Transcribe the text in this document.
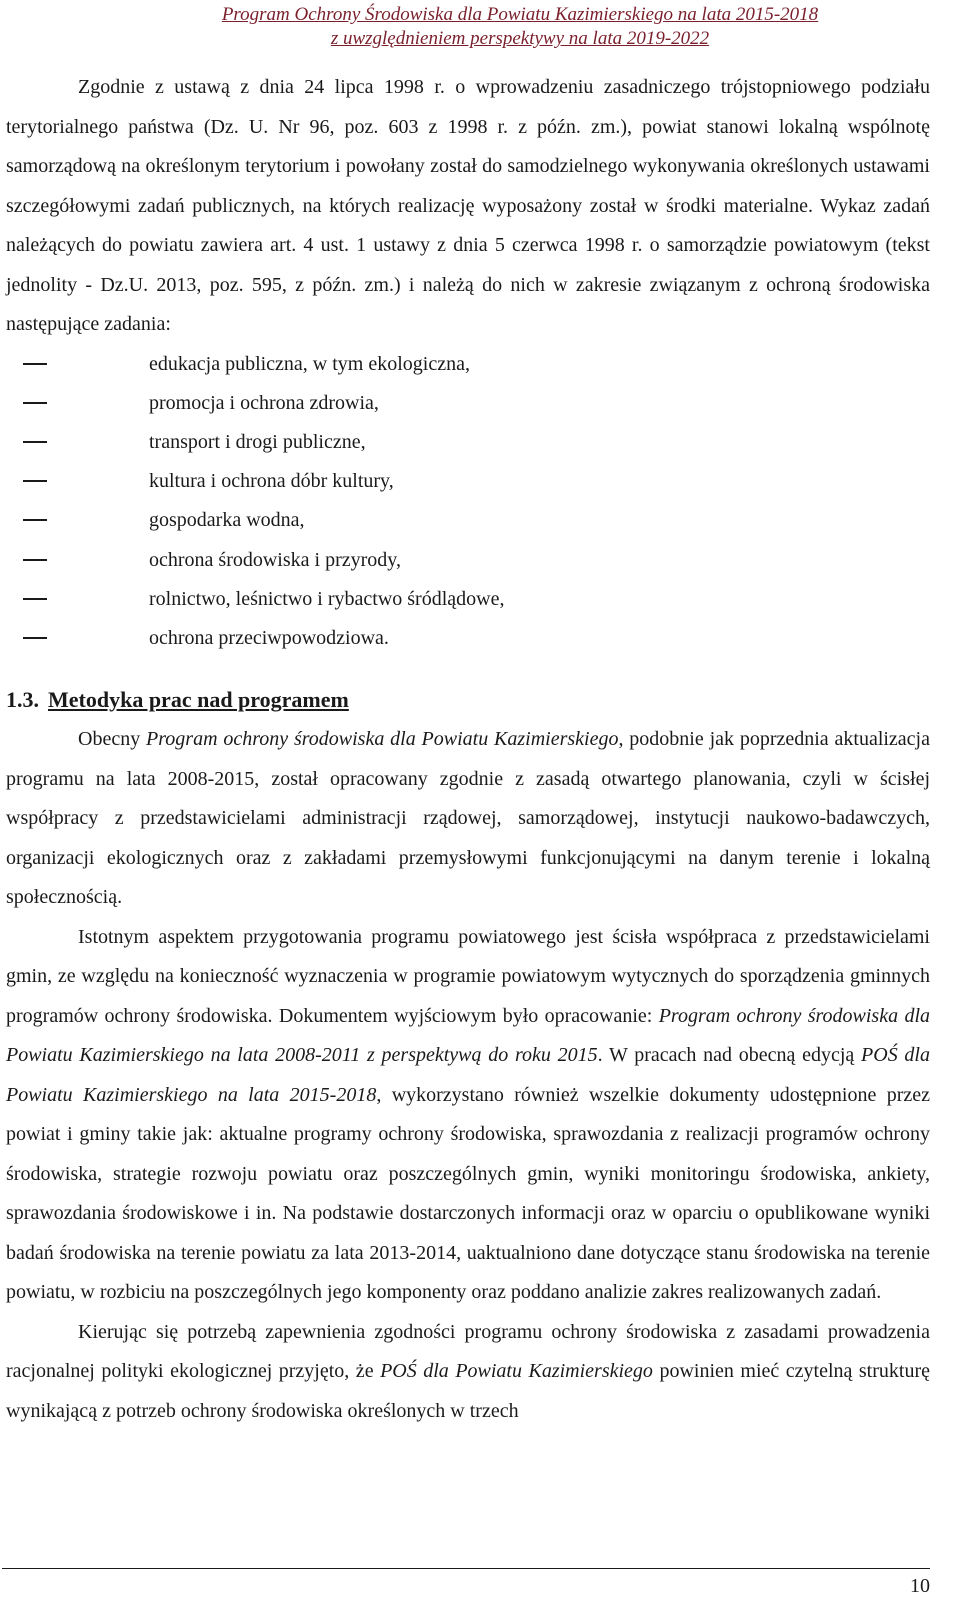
Program Ochrony Środowiska dla Powiatu Kazimierskiego na lata 2015-2018
z uwzględnieniem perspektywy na lata 2019-2022

Zgodnie z ustawą z dnia 24 lipca 1998 r. o wprowadzeniu zasadniczego trójstopniowego podziału terytorialnego państwa (Dz. U. Nr 96, poz. 603 z 1998 r. z późn. zm.), powiat stanowi lokalną wspólnotę samorządową na określonym terytorium i powołany został do samodzielnego wykonywania określonych ustawami szczegółowymi zadań publicznych, na których realizację wyposażony został w środki materialne. Wykaz zadań należących do powiatu zawiera art. 4 ust. 1 ustawy z dnia 5 czerwca 1998 r. o samorządzie powiatowym (tekst jednolity - Dz.U. 2013, poz. 595, z późn. zm.) i należą do nich w zakresie związanym z ochroną środowiska następujące zadania:

edukacja publiczna, w tym ekologiczna,
promocja i ochrona zdrowia,
transport i drogi publiczne,
kultura i ochrona dóbr kultury,
gospodarka wodna,
ochrona środowiska i przyrody,
rolnictwo, leśnictwo i rybactwo śródlądowe,
ochrona przeciwpowodziowa.
1.3. Metodyka prac nad programem

Obecny Program ochrony środowiska dla Powiatu Kazimierskiego, podobnie jak poprzednia aktualizacja programu na lata 2008-2015, został opracowany zgodnie z zasadą otwartego planowania, czyli w ścisłej współpracy z przedstawicielami administracji rządowej, samorządowej, instytucji naukowo-badawczych, organizacji ekologicznych oraz z zakładami przemysłowymi funkcjonującymi na danym terenie i lokalną społecznością.

Istotnym aspektem przygotowania programu powiatowego jest ścisła współpraca z przedstawicielami gmin, ze względu na konieczność wyznaczenia w programie powiatowym wytycznych do sporządzenia gminnych programów ochrony środowiska. Dokumentem wyjściowym było opracowanie: Program ochrony środowiska dla Powiatu Kazimierskiego na lata 2008-2011 z perspektywą do roku 2015. W pracach nad obecną edycją POŚ dla Powiatu Kazimierskiego na lata 2015-2018, wykorzystano również wszelkie dokumenty udostępnione przez powiat i gminy takie jak: aktualne programy ochrony środowiska, sprawozdania z realizacji programów ochrony środowiska, strategie rozwoju powiatu oraz poszczególnych gmin, wyniki monitoringu środowiska, ankiety, sprawozdania środowiskowe i in. Na podstawie dostarczonych informacji oraz w oparciu o opublikowane wyniki badań środowiska na terenie powiatu za lata 2013-2014, uaktualniono dane dotyczące stanu środowiska na terenie powiatu, w rozbiciu na poszczególnych jego komponenty oraz poddano analizie zakres realizowanych zadań.

Kierując się potrzebą zapewnienia zgodności programu ochrony środowiska z zasadami prowadzenia racjonalnej polityki ekologicznej przyjęto, że POŚ dla Powiatu Kazimierskiego powinien mieć czytelną strukturę wynikającą z potrzeb ochrony środowiska określonych w trzech

10
